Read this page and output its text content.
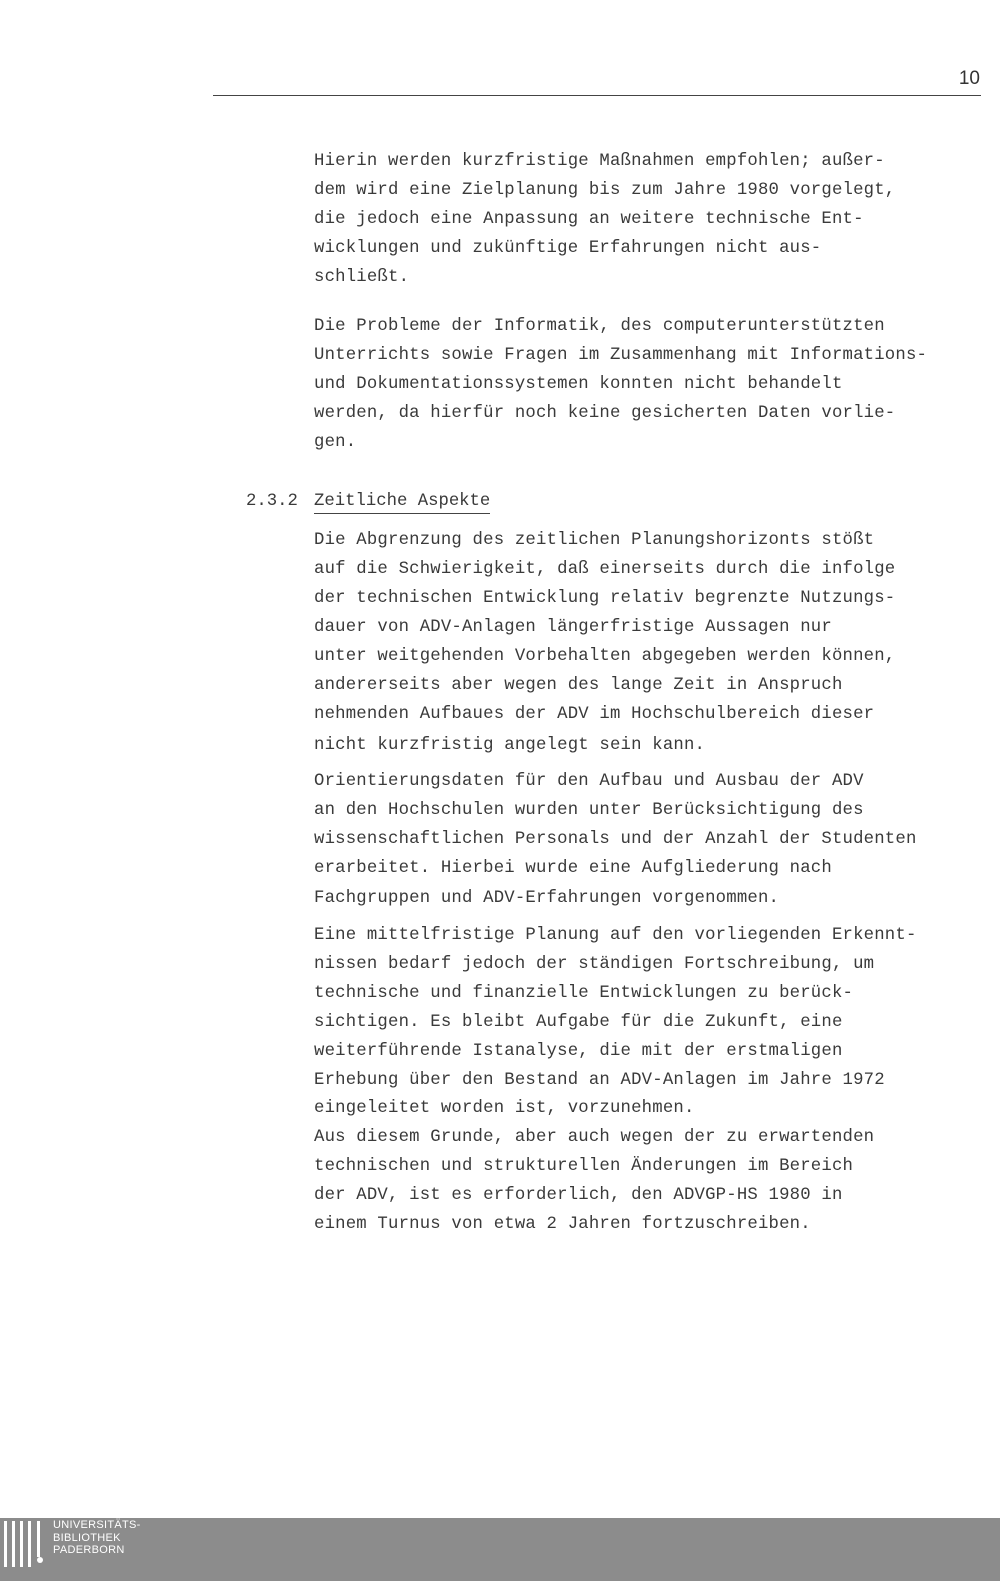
10
Hierin werden kurzfristige Maßnahmen empfohlen; außer-
dem wird eine Zielplanung bis zum Jahre 1980 vorgelegt,
die jedoch eine Anpassung an weitere technische Ent-
wicklungen und zukünftige Erfahrungen nicht aus-
schließt.
Die Probleme der Informatik, des computerunterstützten
Unterrichts sowie Fragen im Zusammenhang mit Informations-
und Dokumentationssystemen konnten nicht behandelt
werden, da hierfür noch keine gesicherten Daten vorlie-
gen.
2.3.2 Zeitliche Aspekte
Die Abgrenzung des zeitlichen Planungshorizonts stößt
auf die Schwierigkeit, daß einerseits durch die infolge
der technischen Entwicklung relativ begrenzte Nutzungs-
dauer von ADV-Anlagen längerfristige Aussagen nur
unter weitgehenden Vorbehalten abgegeben werden können,
andererseits aber wegen des lange Zeit in Anspruch
nehmenden Aufbaues der ADV im Hochschulbereich dieser
nicht kurzfristig angelegt sein kann.
Orientierungsdaten für den Aufbau und Ausbau der ADV
an den Hochschulen wurden unter Berücksichtigung des
wissenschaftlichen Personals und der Anzahl der Studenten
erarbeitet. Hierbei wurde eine Aufgliederung nach
Fachgruppen und ADV-Erfahrungen vorgenommen.
Eine mittelfristige Planung auf den vorliegenden Erkennt-
nissen bedarf jedoch der ständigen Fortschreibung, um
technische und finanzielle Entwicklungen zu berück-
sichtigen. Es bleibt Aufgabe für die Zukunft, eine
weiterführende Istanalyse, die mit der erstmaligen
Erhebung über den Bestand an ADV-Anlagen im Jahre 1972
eingeleitet worden ist, vorzunehmen.
Aus diesem Grunde, aber auch wegen der zu erwartenden
technischen und strukturellen Änderungen im Bereich
der ADV, ist es erforderlich, den ADVGP-HS 1980 in
einem Turnus von etwa 2 Jahren fortzuschreiben.
UNIVERSITÄTS-
BIBLIOTHEK
PADERBORN
